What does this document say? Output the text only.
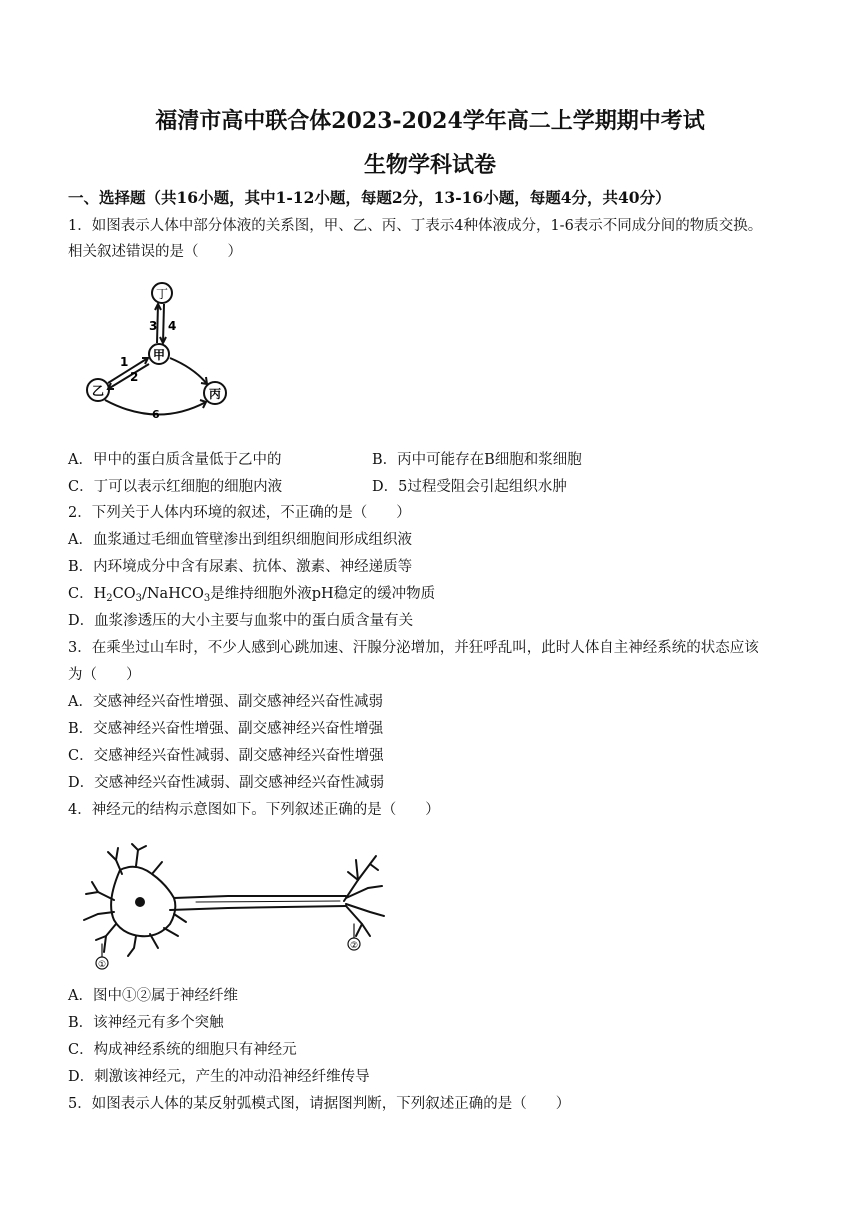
福清市高中联合体2023-2024学年高二上学期期中考试
生物学科试卷
一、选择题（共16小题，其中1-12小题，每题2分，13-16小题，每题4分，共40分）
1．如图表示人体中部分体液的关系图，甲、乙、丙、丁表示4种体液成分，1-6表示不同成分间的物质交换。
相关叙述错误的是（　　）
丁
甲
乙	丙
3 4
1
2
6
A．甲中的蛋白质含量低于乙中的	B．丙中可能存在B细胞和浆细胞
C．丁可以表示红细胞的细胞内液	D．5过程受阻会引起组织水肿
2．下列关于人体内环境的叙述，不正确的是（　　）
A．血浆通过毛细血管壁渗出到组织细胞间形成组织液
B．内环境成分中含有尿素、抗体、激素、神经递质等
C．$H_2CO_3/NaHCO_3$是维持细胞外液pH稳定的缓冲物质
D．血浆渗透压的大小主要与血浆中的蛋白质含量有关
3．在乘坐过山车时，不少人感到心跳加速、汗腺分泌增加，并狂呼乱叫，此时人体自主神经系统的状态应该
为（　　）
A．交感神经兴奋性增强、副交感神经兴奋性减弱
B．交感神经兴奋性增强、副交感神经兴奋性增强
C．交感神经兴奋性减弱、副交感神经兴奋性增强
D．交感神经兴奋性减弱、副交感神经兴奋性减弱
4．神经元的结构示意图如下。下列叙述正确的是（　　）
①
②
A．图中①②属于神经纤维
B．该神经元有多个突触
C．构成神经系统的细胞只有神经元
D．刺激该神经元，产生的冲动沿神经纤维传导
5．如图表示人体的某反射弧模式图，请据图判断，下列叙述正确的是（　　）
